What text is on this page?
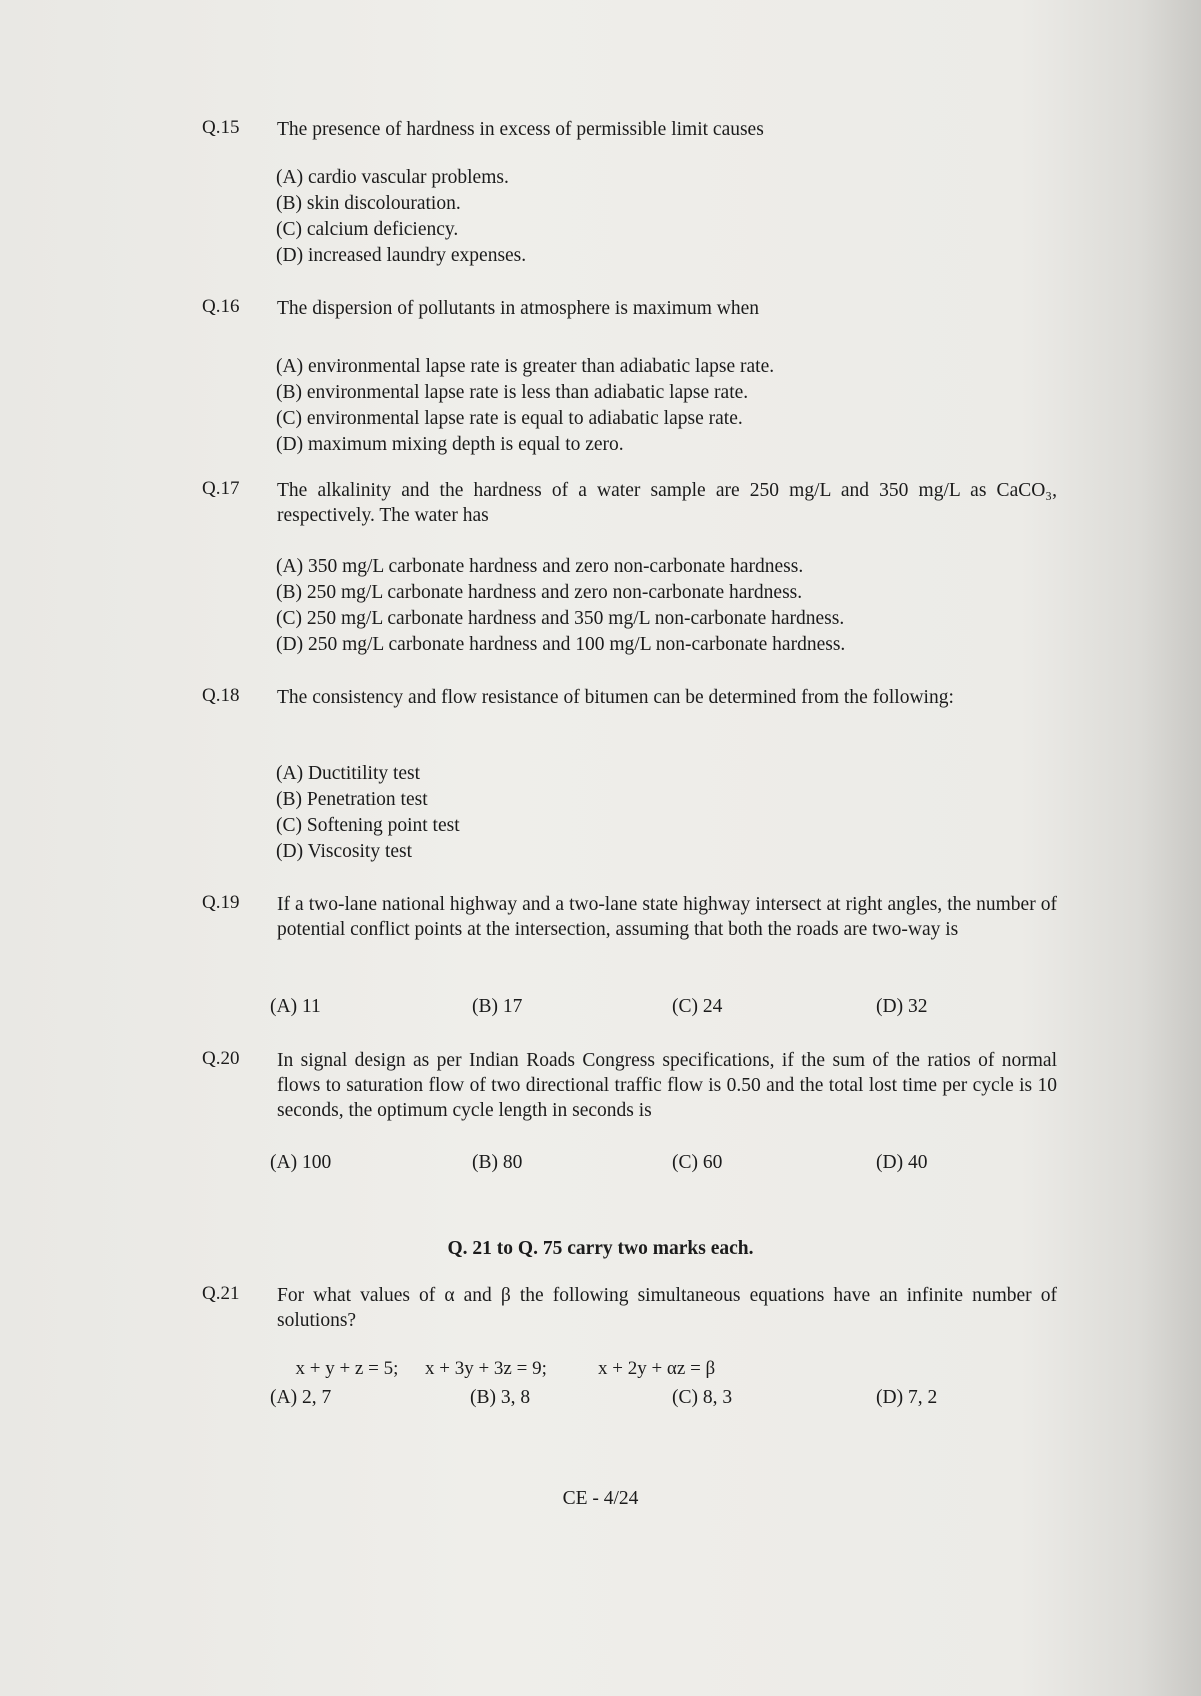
Q.15 The presence of hardness in excess of permissible limit causes
(A) cardio vascular problems.
(B) skin discolouration.
(C) calcium deficiency.
(D) increased laundry expenses.
Q.16 The dispersion of pollutants in atmosphere is maximum when
(A) environmental lapse rate is greater than adiabatic lapse rate.
(B) environmental lapse rate is less than adiabatic lapse rate.
(C) environmental lapse rate is equal to adiabatic lapse rate.
(D) maximum mixing depth is equal to zero.
Q.17 The alkalinity and the hardness of a water sample are 250 mg/L and 350 mg/L as CaCO₃, respectively. The water has
(A) 350 mg/L carbonate hardness and zero non-carbonate hardness.
(B) 250 mg/L carbonate hardness and zero non-carbonate hardness.
(C) 250 mg/L carbonate hardness and 350 mg/L non-carbonate hardness.
(D) 250 mg/L carbonate hardness and 100 mg/L non-carbonate hardness.
Q.18 The consistency and flow resistance of bitumen can be determined from the following:
(A) Ductitility test
(B) Penetration test
(C) Softening point test
(D) Viscosity test
Q.19 If a two-lane national highway and a two-lane state highway intersect at right angles, the number of potential conflict points at the intersection, assuming that both the roads are two-way is
(A) 11	(B) 17	(C) 24	(D) 32
Q.20 In signal design as per Indian Roads Congress specifications, if the sum of the ratios of normal flows to saturation flow of two directional traffic flow is 0.50 and the total lost time per cycle is 10 seconds, the optimum cycle length in seconds is
(A) 100	(B) 80	(C) 60	(D) 40
Q. 21 to Q. 75 carry two marks each.
Q.21 For what values of α and β the following simultaneous equations have an infinite number of solutions?

x + y + z = 5; x + 3y + 3z = 9;	x + 2y + αz = β

(A) 2, 7	(B) 3, 8	(C) 8, 3	(D) 7, 2
CE - 4/24
